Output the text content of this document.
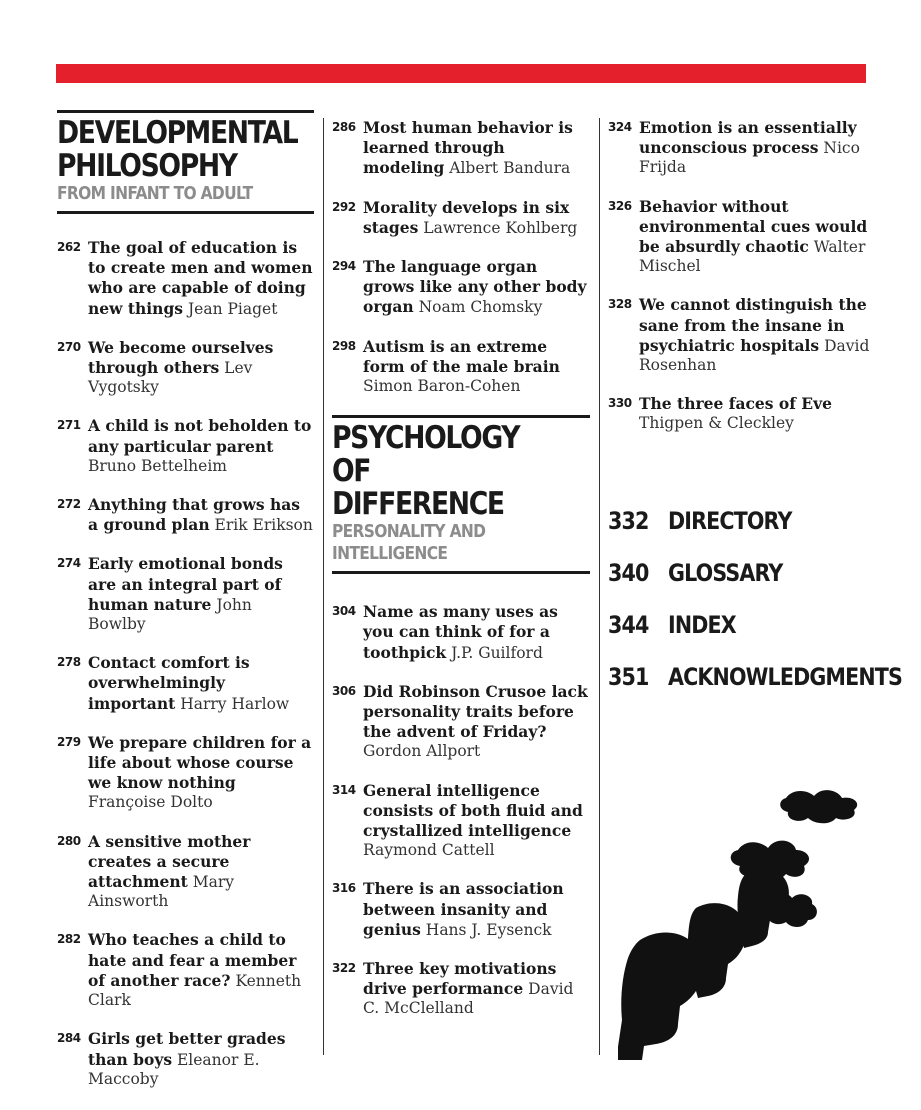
DEVELOPMENTAL
PHILOSOPHY
FROM INFANT TO ADULT
262 The goal of education is to create men and women who are capable of doing new things Jean Piaget
270 We become ourselves through others Lev Vygotsky
271 A child is not beholden to any particular parent Bruno Bettelheim
272 Anything that grows has a ground plan Erik Erikson
274 Early emotional bonds are an integral part of human nature John Bowlby
278 Contact comfort is overwhelmingly important Harry Harlow
279 We prepare children for a life about whose course we know nothing Françoise Dolto
280 A sensitive mother creates a secure attachment Mary Ainsworth
282 Who teaches a child to hate and fear a member of another race? Kenneth Clark
284 Girls get better grades than boys Eleanor E. Maccoby
286 Most human behavior is learned through modeling Albert Bandura
292 Morality develops in six stages Lawrence Kohlberg
294 The language organ grows like any other body organ Noam Chomsky
298 Autism is an extreme form of the male brain Simon Baron-Cohen
PSYCHOLOGY OF
DIFFERENCE
PERSONALITY AND
INTELLIGENCE
304 Name as many uses as you can think of for a toothpick J.P. Guilford
306 Did Robinson Crusoe lack personality traits before the advent of Friday? Gordon Allport
314 General intelligence consists of both fluid and crystallized intelligence Raymond Cattell
316 There is an association between insanity and genius Hans J. Eysenck
322 Three key motivations drive performance David C. McClelland
324 Emotion is an essentially unconscious process Nico Frijda
326 Behavior without environmental cues would be absurdly chaotic Walter Mischel
328 We cannot distinguish the sane from the insane in psychiatric hospitals David Rosenhan
330 The three faces of Eve Thigpen & Cleckley
332 DIRECTORY
340 GLOSSARY
344 INDEX
351 ACKNOWLEDGMENTS
